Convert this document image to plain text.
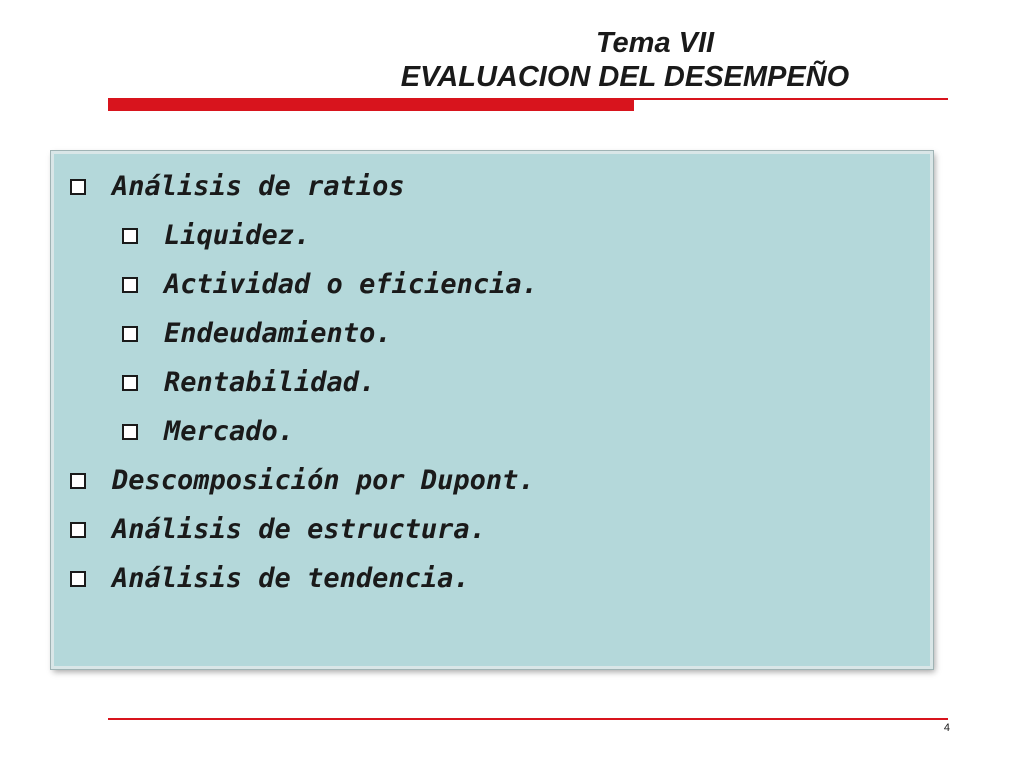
Tema VII
EVALUACION DEL DESEMPEÑO
Análisis de ratios
Liquidez.
Actividad o eficiencia.
Endeudamiento.
Rentabilidad.
Mercado.
Descomposición por Dupont.
Análisis de estructura.
Análisis de tendencia.
4
